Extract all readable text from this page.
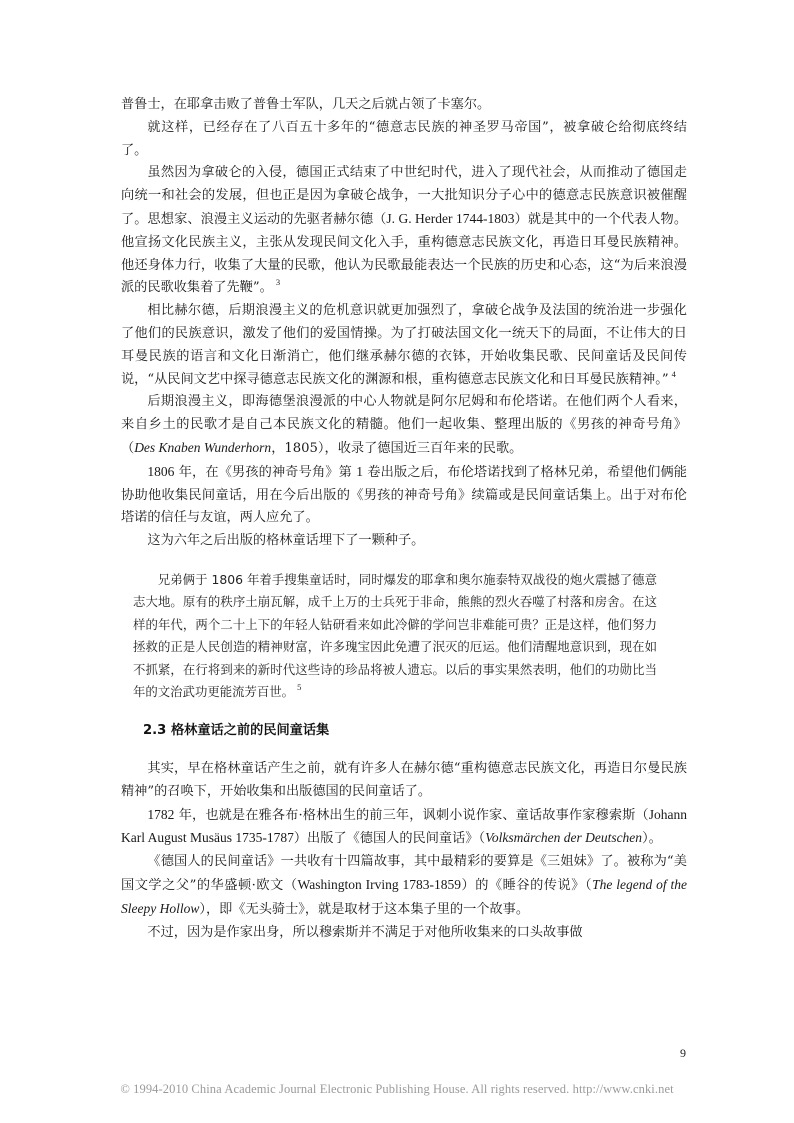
普鲁士，在耶拿击败了普鲁士军队，几天之后就占领了卡塞尔。

就这样，已经存在了八百五十多年的“德意志民族的神圣罗马帝国”，被拿破仑给彻底终结了。

虽然因为拿破仑的入侵，德国正式结束了中世纪时代，进入了现代社会，从而推动了德国走向统一和社会的发展，但也正是因为拿破仑战争，一大批知识分子心中的德意志民族意识被催醒了。思想家、浪漫主义运动的先驱者赫尔德（J. G. Herder 1744-1803）就是其中的一个代表人物。他宣扬文化民族主义，主张从发现民间文化入手，重构德意志民族文化，再造日耳曼民族精神。他还身体力行，收集了大量的民歌，他认为民歌最能表达一个民族的历史和心态，这“为后来浪漫派的民歌收集着了先鞭”。 $^3$

相比赫尔德，后期浪漫主义的危机意识就更加强烈了，拿破仑战争及法国的统治进一步强化了他们的民族意识，激发了他们的爱国情操。为了打破法国文化一统天下的局面，不让伟大的日耳曼民族的语言和文化日渐消亡，他们继承赫尔德的衣钵，开始收集民歌、民间童话及民间传说，“从民间文艺中探寻德意志民族文化的渊源和根，重构德意志民族文化和日耳曼民族精神。” $^4$

后期浪漫主义，即海德堡浪漫派的中心人物就是阿尔尼姆和布伦塔诺。在他们两个人看来，来自乡土的民歌才是自己本民族文化的精髓。他们一起收集、整理出版的《男孩的神奇号角》（Des Knaben Wunderhorn，1805），收录了德国近三百年来的民歌。

1806 年，在《男孩的神奇号角》第 1 卷出版之后，布伦塔诺找到了格林兄弟，希望他们俩能协助他收集民间童话，用在今后出版的《男孩的神奇号角》续篇或是民间童话集上。出于对布伦塔诺的信任与友谊，两人应允了。

这为六年之后出版的格林童话埋下了一颗种子。

兄弟俩于 1806 年着手搜集童话时，同时爆发的耶拿和奥尔施泰特双战役的炮火震撼了德意志大地。原有的秩序土崩瓦解，成千上万的士兵死于非命，熊熊的烈火吞噬了村落和房舍。在这样的年代，两个二十上下的年轻人钻研看来如此冷僻的学问岂非难能可贵？正是这样，他们努力拯救的正是人民创造的精神财富，许多瑰宝因此免遭了泯灭的厄运。他们清醒地意识到，现在如不抓紧，在行将到来的新时代这些诗的珍品将被人遗忘。以后的事实果然表明，他们的功勋比当年的文治武功更能流芳百世。 $^5$

2.3 格林童话之前的民间童话集

其实，早在格林童话产生之前，就有许多人在赫尔德“重构德意志民族文化，再造日尔曼民族精神”的召唤下，开始收集和出版德国的民间童话了。

1782 年，也就是在雅各布·格林出生的前三年，讽刺小说作家、童话故事作家穆索斯（Johann Karl August Musäus 1735-1787）出版了《德国人的民间童话》（Volksmärchen der Deutschen）。

《德国人的民间童话》一共收有十四篇故事，其中最精彩的要算是《三姐妹》了。被称为“美国文学之父”的华盛顿·欧文（Washington Irving 1783-1859）的《睡谷的传说》（The legend of the Sleepy Hollow），即《无头骑士》，就是取材于这本集子里的一个故事。

不过，因为是作家出身，所以穆索斯并不满足于对他所收集来的口头故事做

9
© 1994-2010 China Academic Journal Electronic Publishing House. All rights reserved. http://www.cnki.net
